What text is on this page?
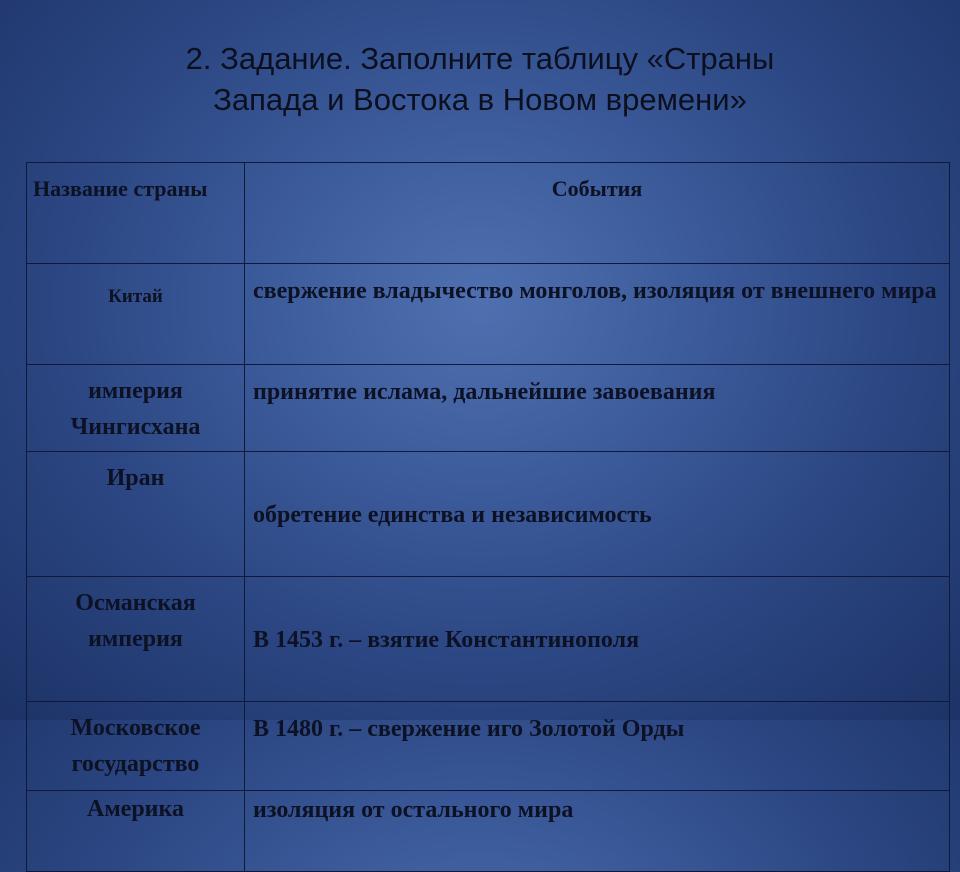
2. Задание. Заполните таблицу «Страны
Запада и Востока в Новом времени»
Название страны	События
Китай	свержение владычество монголов, изоляция от внешнего мира
империя Чингисхана	принятие ислама, дальнейшие завоевания
Иран	обретение единства и независимость
Османская империя	В 1453 г. – взятие Константинополя
Московское государство	В 1480 г. – свержение иго Золотой Орды
Америка	изоляция от остального мира
